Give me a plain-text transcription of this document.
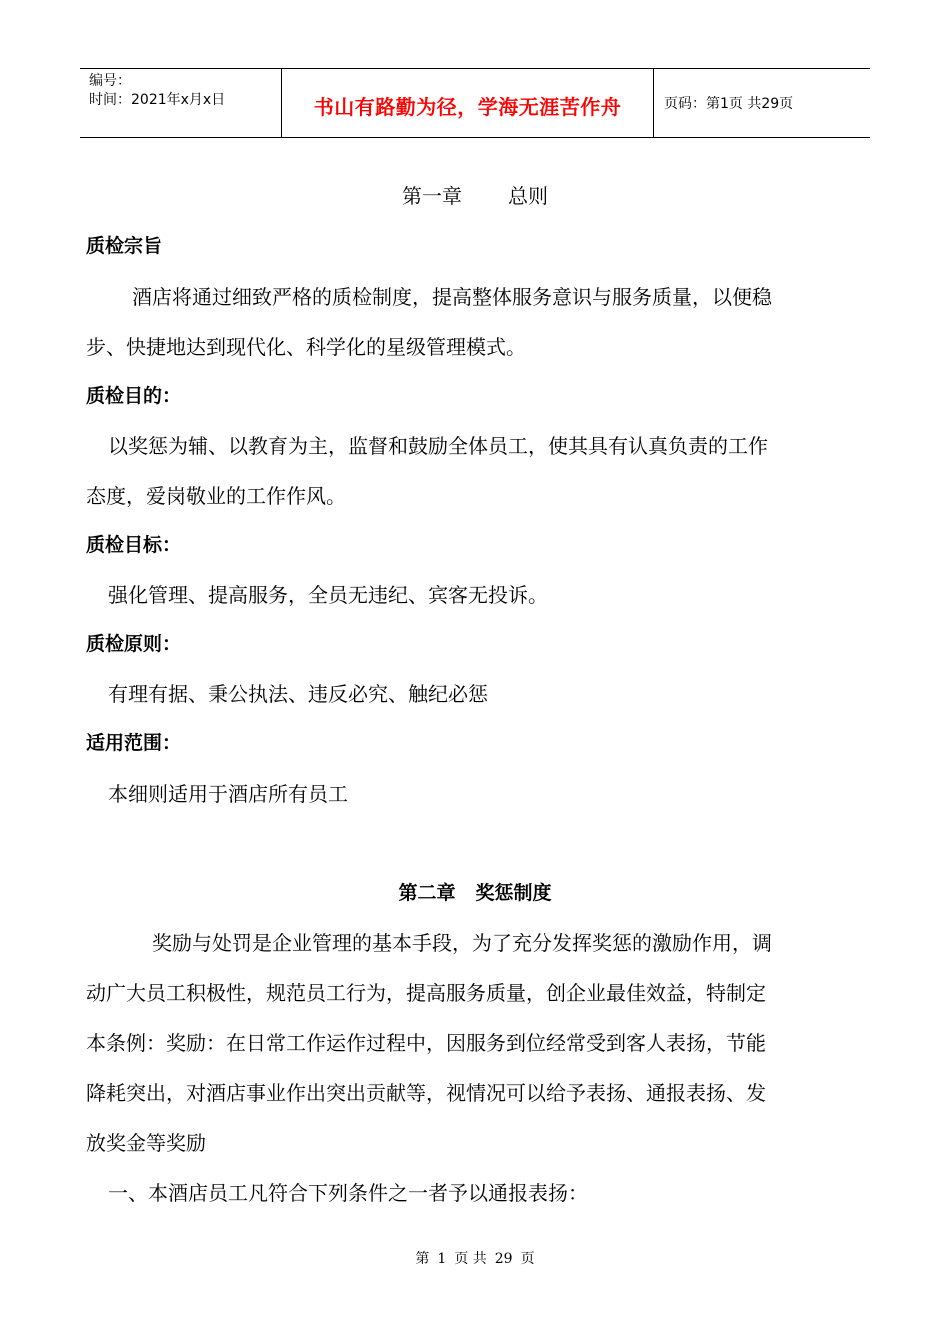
编号：
时间：2021年x月x日	书山有路勤为径，学海无涯苦作舟	页码：第1页 共29页
第一章 总则
质检宗旨
酒店将通过细致严格的质检制度，提高整体服务意识与服务质量，以便稳
步、快捷地达到现代化、科学化的星级管理模式。
质检目的：
以奖惩为辅、以教育为主，监督和鼓励全体员工，使其具有认真负责的工作
态度，爱岗敬业的工作作风。
质检目标：
强化管理、提高服务，全员无违纪、宾客无投诉。
质检原则：
有理有据、秉公执法、违反必究、触纪必惩
适用范围：
本细则适用于酒店所有员工
第二章 奖惩制度
奖励与处罚是企业管理的基本手段，为了充分发挥奖惩的激励作用，调
动广大员工积极性，规范员工行为，提高服务质量，创企业最佳效益，特制定
本条例：奖励：在日常工作运作过程中，因服务到位经常受到客人表扬，节能
降耗突出，对酒店事业作出突出贡献等，视情况可以给予表扬、通报表扬、发
放奖金等奖励
一、本酒店员工凡符合下列条件之一者予以通报表扬：
第 1 页 共 29 页
